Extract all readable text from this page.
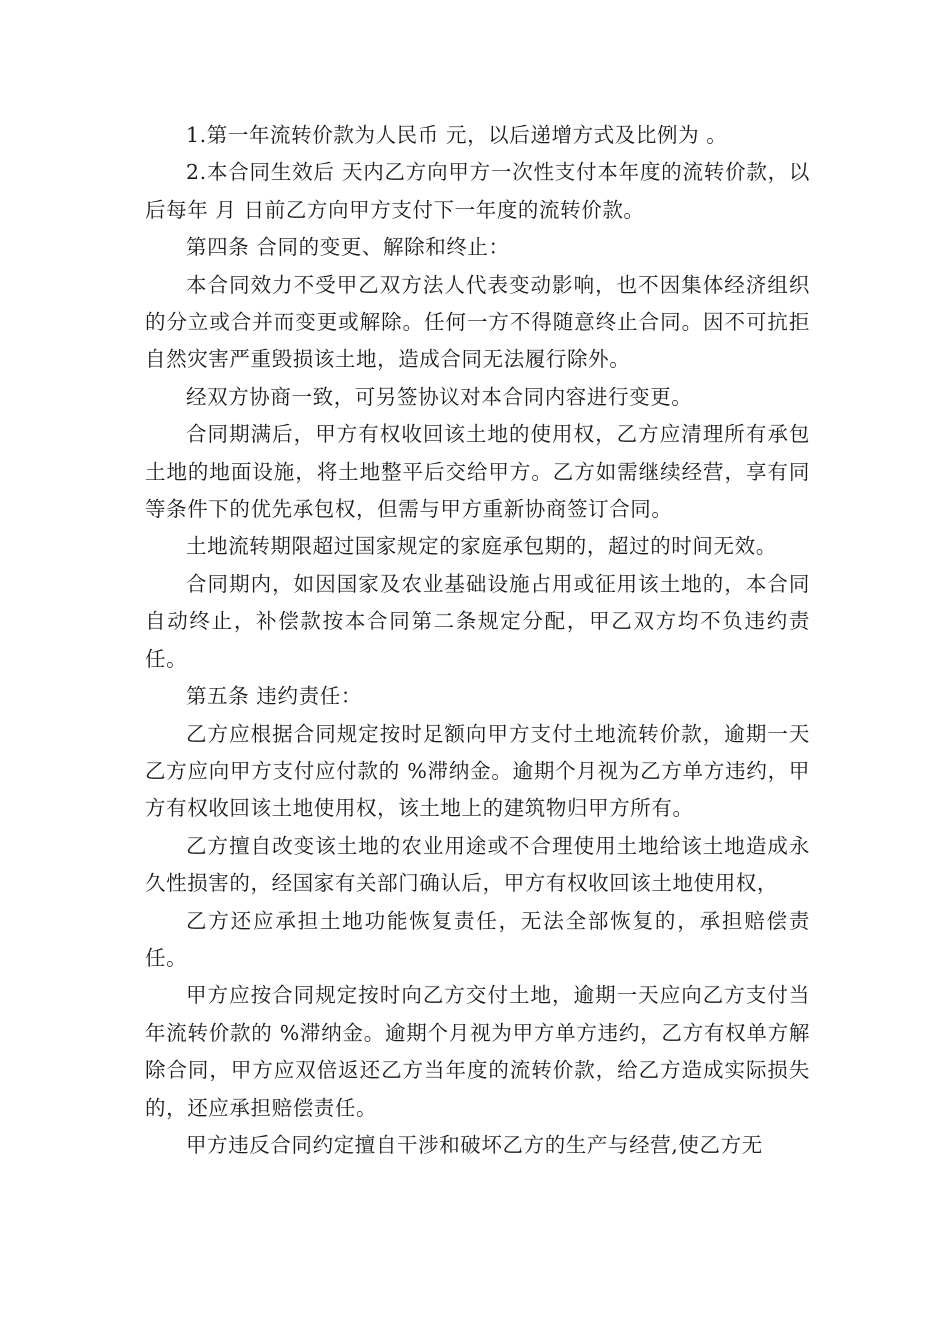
1.第一年流转价款为人民币 元，以后递增方式及比例为 。

2.本合同生效后 天内乙方向甲方一次性支付本年度的流转价款，以后每年 月 日前乙方向甲方支付下一年度的流转价款。

第四条 合同的变更、解除和终止：

本合同效力不受甲乙双方法人代表变动影响，也不因集体经济组织的分立或合并而变更或解除。任何一方不得随意终止合同。因不可抗拒自然灾害严重毁损该土地，造成合同无法履行除外。

经双方协商一致，可另签协议对本合同内容进行变更。

合同期满后，甲方有权收回该土地的使用权，乙方应清理所有承包土地的地面设施，将土地整平后交给甲方。乙方如需继续经营，享有同等条件下的优先承包权，但需与甲方重新协商签订合同。

土地流转期限超过国家规定的家庭承包期的，超过的时间无效。

合同期内，如因国家及农业基础设施占用或征用该土地的，本合同自动终止，补偿款按本合同第二条规定分配，甲乙双方均不负违约责任。

第五条 违约责任：

乙方应根据合同规定按时足额向甲方支付土地流转价款，逾期一天乙方应向甲方支付应付款的 %滞纳金。逾期个月视为乙方单方违约，甲方有权收回该土地使用权，该土地上的建筑物归甲方所有。

乙方擅自改变该土地的农业用途或不合理使用土地给该土地造成永久性损害的，经国家有关部门确认后，甲方有权收回该土地使用权，

乙方还应承担土地功能恢复责任，无法全部恢复的，承担赔偿责任。

甲方应按合同规定按时向乙方交付土地，逾期一天应向乙方支付当年流转价款的 %滞纳金。逾期个月视为甲方单方违约，乙方有权单方解除合同，甲方应双倍返还乙方当年度的流转价款，给乙方造成实际损失的，还应承担赔偿责任。

甲方违反合同约定擅自干涉和破坏乙方的生产与经营,使乙方无
